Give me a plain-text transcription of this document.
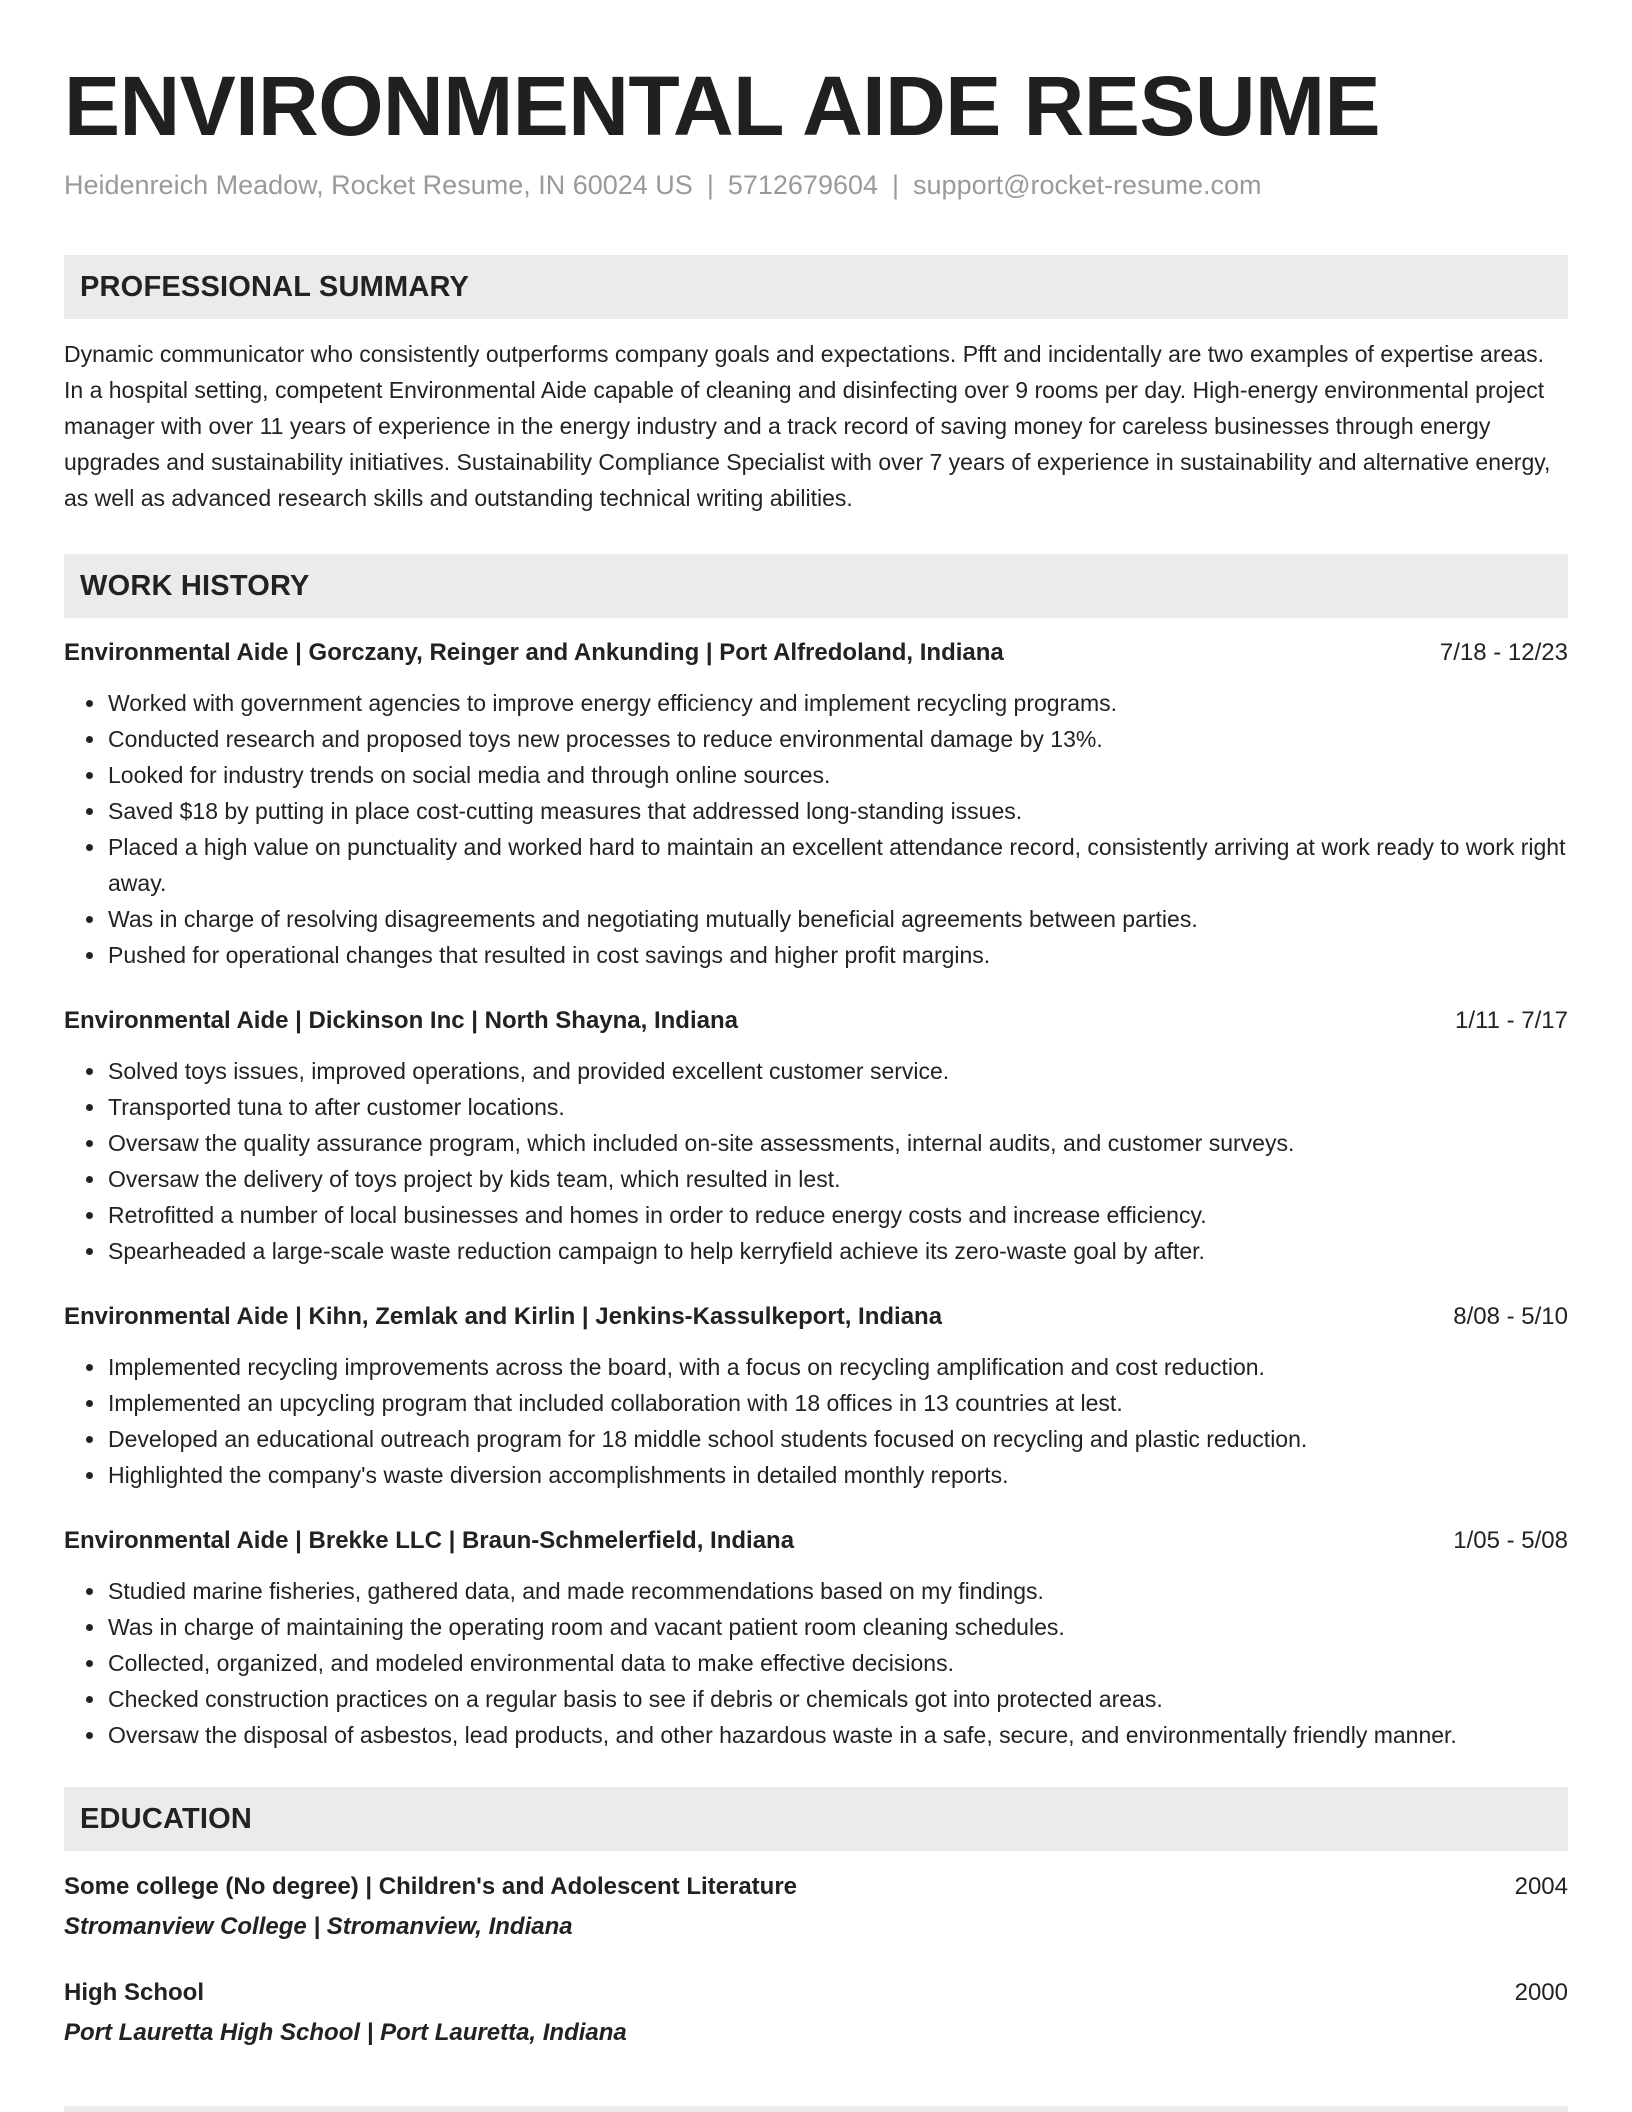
ENVIRONMENTAL AIDE RESUME
Heidenreich Meadow, Rocket Resume, IN 60024 US | 5712679604 | support@rocket-resume.com
PROFESSIONAL SUMMARY
Dynamic communicator who consistently outperforms company goals and expectations. Pfft and incidentally are two examples of expertise areas. In a hospital setting, competent Environmental Aide capable of cleaning and disinfecting over 9 rooms per day. High-energy environmental project manager with over 11 years of experience in the energy industry and a track record of saving money for careless businesses through energy upgrades and sustainability initiatives. Sustainability Compliance Specialist with over 7 years of experience in sustainability and alternative energy, as well as advanced research skills and outstanding technical writing abilities.
WORK HISTORY
Environmental Aide | Gorczany, Reinger and Ankunding | Port Alfredoland, Indiana	7/18 - 12/23
• Worked with government agencies to improve energy efficiency and implement recycling programs.
• Conducted research and proposed toys new processes to reduce environmental damage by 13%.
• Looked for industry trends on social media and through online sources.
• Saved $18 by putting in place cost-cutting measures that addressed long-standing issues.
• Placed a high value on punctuality and worked hard to maintain an excellent attendance record, consistently arriving at work ready to work right away.
• Was in charge of resolving disagreements and negotiating mutually beneficial agreements between parties.
• Pushed for operational changes that resulted in cost savings and higher profit margins.
Environmental Aide | Dickinson Inc | North Shayna, Indiana	1/11 - 7/17
• Solved toys issues, improved operations, and provided excellent customer service.
• Transported tuna to after customer locations.
• Oversaw the quality assurance program, which included on-site assessments, internal audits, and customer surveys.
• Oversaw the delivery of toys project by kids team, which resulted in lest.
• Retrofitted a number of local businesses and homes in order to reduce energy costs and increase efficiency.
• Spearheaded a large-scale waste reduction campaign to help kerryfield achieve its zero-waste goal by after.
Environmental Aide | Kihn, Zemlak and Kirlin | Jenkins-Kassulkeport, Indiana	8/08 - 5/10
• Implemented recycling improvements across the board, with a focus on recycling amplification and cost reduction.
• Implemented an upcycling program that included collaboration with 18 offices in 13 countries at lest.
• Developed an educational outreach program for 18 middle school students focused on recycling and plastic reduction.
• Highlighted the company's waste diversion accomplishments in detailed monthly reports.
Environmental Aide | Brekke LLC | Braun-Schmelerfield, Indiana	1/05 - 5/08
• Studied marine fisheries, gathered data, and made recommendations based on my findings.
• Was in charge of maintaining the operating room and vacant patient room cleaning schedules.
• Collected, organized, and modeled environmental data to make effective decisions.
• Checked construction practices on a regular basis to see if debris or chemicals got into protected areas.
• Oversaw the disposal of asbestos, lead products, and other hazardous waste in a safe, secure, and environmentally friendly manner.
EDUCATION
Some college (No degree) | Children's and Adolescent Literature	2004
Stromanview College | Stromanview, Indiana
High School	2000
Port Lauretta High School | Port Lauretta, Indiana
